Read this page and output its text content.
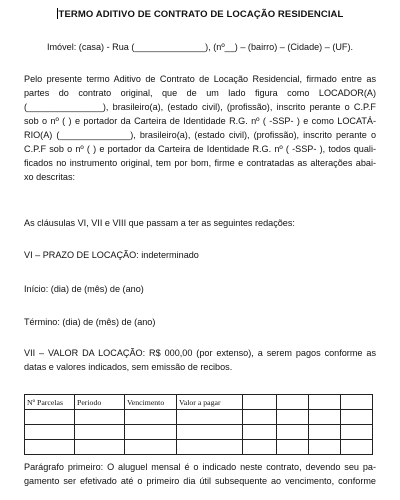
TERMO ADITIVO DE CONTRATO DE LOCAÇÃO RESIDENCIAL
Imóvel: (casa) - Rua (______________), (nº__) – (bairro) – (Cidade) – (UF).
Pelo presente termo Aditivo de Contrato de Locação Residencial, firmado entre as
partes do contrato original, que de um lado figura como LOCADOR(A)
(_______________), brasileiro(a), (estado civil), (profissão), inscrito perante o C.P.F
sob o nº ( ) e portador da Carteira de Identidade R.G. nº ( -SSP- ) e como LOCATÁ-
RIO(A) (______________), brasileiro(a), (estado civil), (profissão), inscrito perante o
C.P.F sob o nº ( ) e portador da Carteira de Identidade R.G. nº ( -SSP- ), todos quali-
ficados no instrumento original, tem por bom, firme e contratadas as alterações abai-
xo descritas:
As cláusulas VI, VII e VIII que passam a ter as seguintes redações:
VI – PRAZO DE LOCAÇÃO: indeterminado
Início: (dia) de (mês) de (ano)
Término: (dia) de (mês) de (ano)
VII – VALOR DA LOCAÇÃO: R$ 000,00 (por extenso), a serem pagos conforme as
datas e valores indicados, sem emissão de recibos.
Nº Parcelas	Periodo	Vencimento	Valor a pagar				

Parágrafo primeiro: O aluguel mensal é o indicado neste contrato, devendo seu pa-
gamento ser efetivado até o primeiro dia útil subsequente ao vencimento, conforme
